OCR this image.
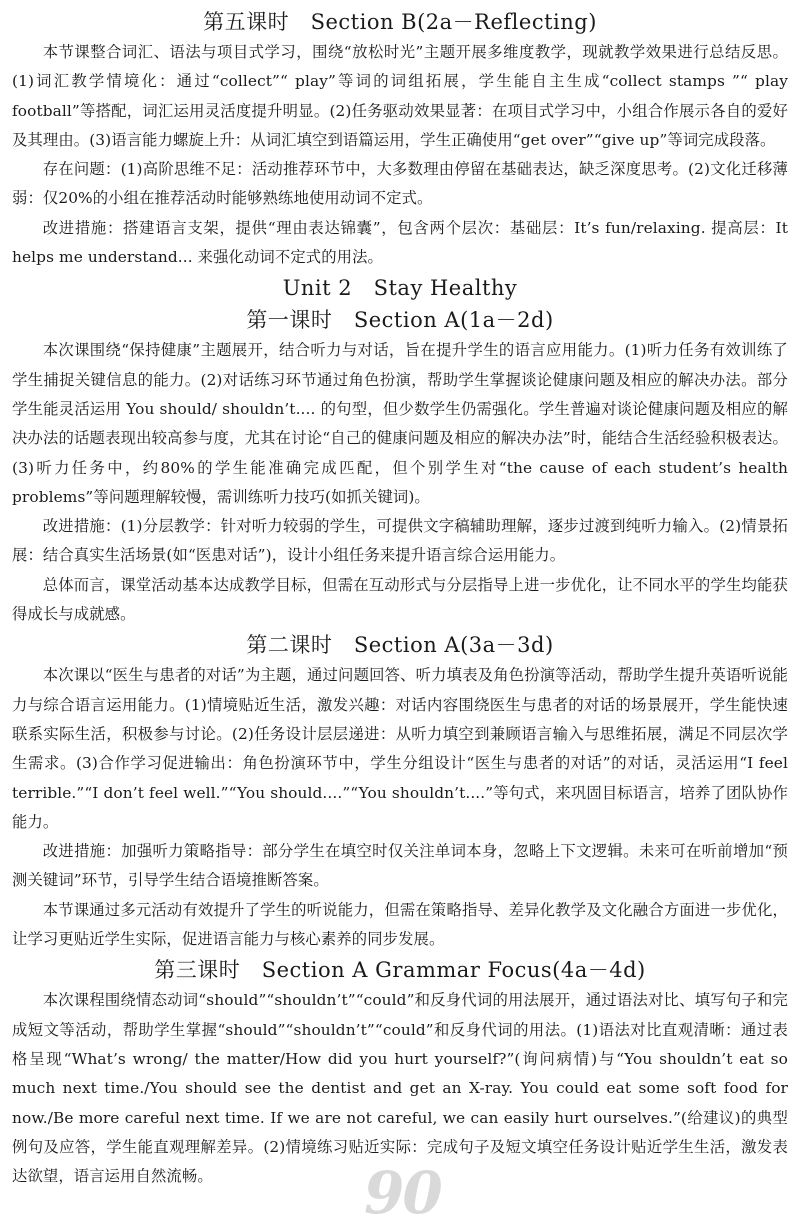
90
第五课时　Section B(2a－Reflecting)

本节课整合词汇、语法与项目式学习，围绕“放松时光”主题开展多维度教学，现就教学效果进行总结反思。(1)词汇教学情境化：通过“collect”“ play”等词的词组拓展，学生能自主生成“collect stamps ”“ play football”等搭配，词汇运用灵活度提升明显。(2)任务驱动效果显著：在项目式学习中，小组合作展示各自的爱好及其理由。(3)语言能力螺旋上升：从词汇填空到语篇运用，学生正确使用“get over”“give up”等词完成段落。

存在问题：(1)高阶思维不足：活动推荐环节中，大多数理由停留在基础表达，缺乏深度思考。(2)文化迁移薄弱：仅20%的小组在推荐活动时能够熟练地使用动词不定式。

改进措施：搭建语言支架，提供“理由表达锦囊”，包含两个层次：基础层：It’s fun/relaxing. 提高层：It helps me understand... 来强化动词不定式的用法。

Unit 2　Stay Healthy
第一课时　Section A(1a－2d)

本次课围绕“保持健康”主题展开，结合听力与对话，旨在提升学生的语言应用能力。(1)听力任务有效训练了学生捕捉关键信息的能力。(2)对话练习环节通过角色扮演，帮助学生掌握谈论健康问题及相应的解决办法。部分学生能灵活运用 You should/ shouldn’t.... 的句型，但少数学生仍需强化。学生普遍对谈论健康问题及相应的解决办法的话题表现出较高参与度，尤其在讨论“自己的健康问题及相应的解决办法”时，能结合生活经验积极表达。(3)听力任务中，约80%的学生能准确完成匹配，但个别学生对“the cause of each student’s health problems”等问题理解较慢，需训练听力技巧(如抓关键词)。

改进措施：(1)分层教学：针对听力较弱的学生，可提供文字稿辅助理解，逐步过渡到纯听力输入。(2)情景拓展：结合真实生活场景(如“医患对话”)，设计小组任务来提升语言综合运用能力。

总体而言，课堂活动基本达成教学目标，但需在互动形式与分层指导上进一步优化，让不同水平的学生均能获得成长与成就感。

第二课时　Section A(3a－3d)

本次课以“医生与患者的对话”为主题，通过问题回答、听力填表及角色扮演等活动，帮助学生提升英语听说能力与综合语言运用能力。(1)情境贴近生活，激发兴趣：对话内容围绕医生与患者的对话的场景展开，学生能快速联系实际生活，积极参与讨论。(2)任务设计层层递进：从听力填空到兼顾语言输入与思维拓展，满足不同层次学生需求。(3)合作学习促进输出：角色扮演环节中，学生分组设计“医生与患者的对话”的对话，灵活运用“I feel terrible.”“I don’t feel well.”“You should....”“You shouldn’t....”等句式，来巩固目标语言，培养了团队协作能力。

改进措施：加强听力策略指导：部分学生在填空时仅关注单词本身，忽略上下文逻辑。未来可在听前增加“预测关键词”环节，引导学生结合语境推断答案。

本节课通过多元活动有效提升了学生的听说能力，但需在策略指导、差异化教学及文化融合方面进一步优化，让学习更贴近学生实际，促进语言能力与核心素养的同步发展。

第三课时　Section A Grammar Focus(4a－4d)

本次课程围绕情态动词“should”“shouldn’t”“could”和反身代词的用法展开，通过语法对比、填写句子和完成短文等活动，帮助学生掌握“should”“shouldn’t”“could”和反身代词的用法。(1)语法对比直观清晰：通过表格呈现“What’s wrong/ the matter/How did you hurt yourself?”(询问病情)与“You shouldn’t eat so much next time./You should see the dentist and get an X-ray. You could eat some soft food for now./Be more careful next time. If we are not careful, we can easily hurt ourselves.”(给建议)的典型例句及应答，学生能直观理解差异。(2)情境练习贴近实际：完成句子及短文填空任务设计贴近学生生活，激发表达欲望，语言运用自然流畅。
